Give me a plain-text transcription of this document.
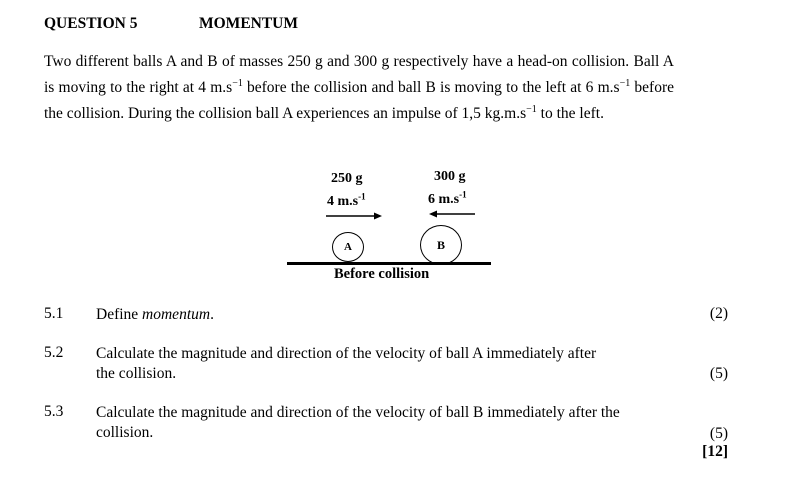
QUESTION 5	MOMENTUM
Two different balls A and B of masses 250 g and 300 g respectively have a head-on collision. Ball A is moving to the right at 4 $m.s^{-1}$ before the collision and ball B is moving to the left at 6 $m.s^{-1}$ before the collision. During the collision ball A experiences an impulse of 1,5 $kg.m.s^{-1}$ to the left.
250 g
4 $m.s^{-1}$
300 g
6 $m.s^{-1}$
A	B
Before collision
5.1 Define momentum.	(2)
5.2 Calculate the magnitude and direction of the velocity of ball A immediately after
the collision.	(5)
5.3 Calculate the magnitude and direction of the velocity of ball B immediately after the
collision.	(5)
[12]
